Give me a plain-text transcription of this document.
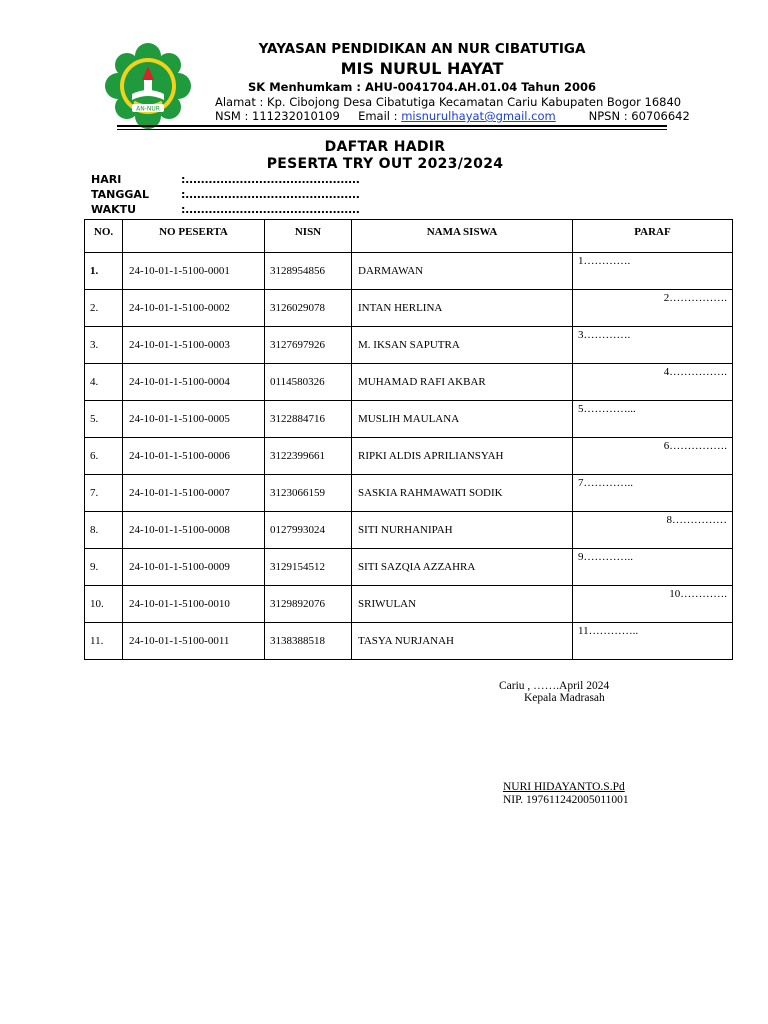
AN-NUR
YAYASAN PENDIDIKAN AN NUR CIBATUTIGA
MIS NURUL HAYAT
SK Menhumkam : AHU-0041704.AH.01.04 Tahun 2006
Alamat : Kp. Cibojong Desa Cibatutiga Kecamatan Cariu Kabupaten Bogor 16840
NSM : 111232010109 Email : misnurulhayat@gmail.com	NPSN : 60706642
DAFTAR HADIR
PESERTA TRY OUT 2023/2024
HARI	:.............................................
TANGGAL	:.............................................
WAKTU	:.............................................
NO.	NO PESERTA	NISN	NAMA SISWA	PARAF
1.	24-10-01-1-5100-0001	3128954856	DARMAWAN	1………….

2.	24-10-01-1-5100-0002	3126029078	INTAN HERLINA	2…………….

3.	24-10-01-1-5100-0003	3127697926	M. IKSAN SAPUTRA	3………….

4.	24-10-01-1-5100-0004	0114580326	MUHAMAD RAFI AKBAR	4…………….

5.	24-10-01-1-5100-0005	3122884716	MUSLIH MAULANA	5…………...

6.	24-10-01-1-5100-0006	3122399661	RIPKI ALDIS APRILIANSYAH	6…………….

7.	24-10-01-1-5100-0007	3123066159	SASKIA RAHMAWATI SODIK	7…………..

8.	24-10-01-1-5100-0008	0127993024	SITI NURHANIPAH	8……………

9.	24-10-01-1-5100-0009	3129154512	SITI SAZQIA AZZAHRA	9…………..

10.	24-10-01-1-5100-0010	3129892076	SRIWULAN	10………….

11.	24-10-01-1-5100-0011	3138388518	TASYA NURJANAH	11…………..
Cariu , …….April 2024
Kepala Madrasah
NURI HIDAYANTO.S.Pd
NIP. 197611242005011001
